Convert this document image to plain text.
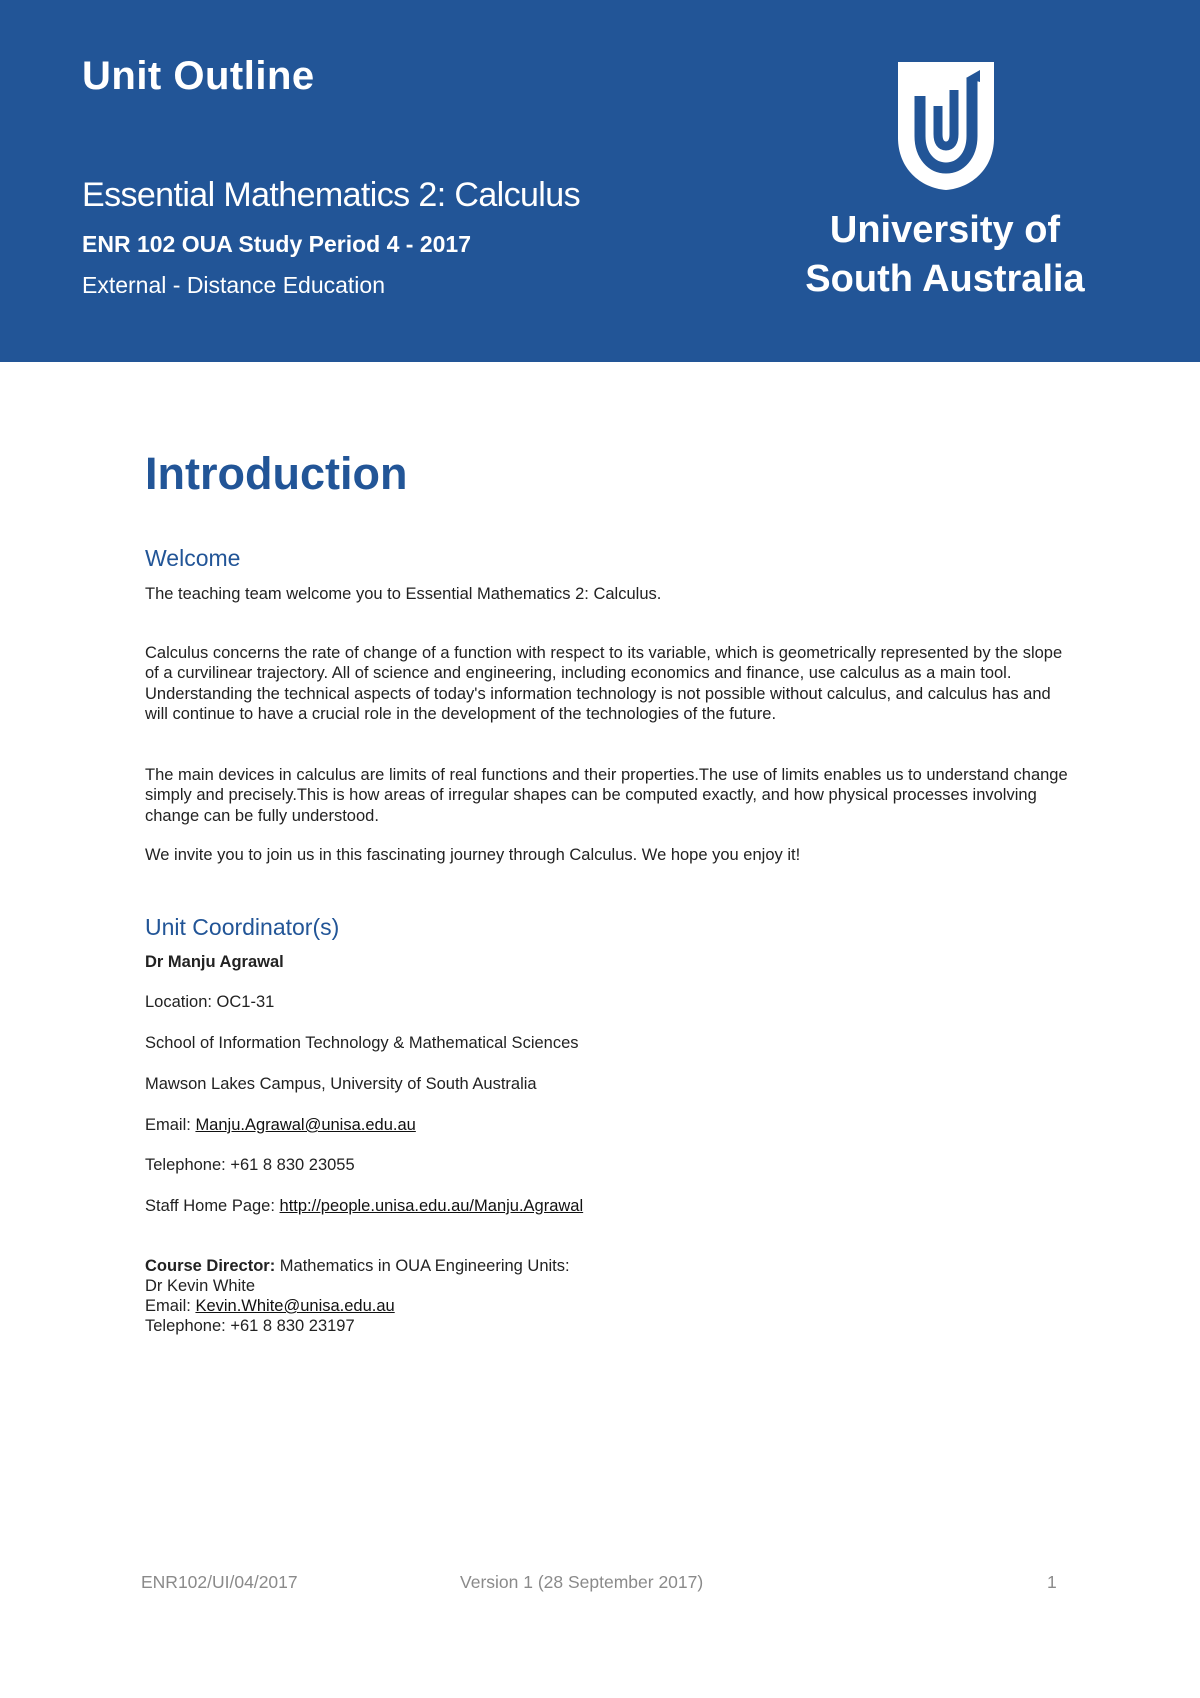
Unit Outline
Essential Mathematics 2: Calculus
ENR 102 OUA Study Period 4 - 2017
External - Distance Education
University of
South Australia
Introduction
Welcome

The teaching team welcome you to Essential Mathematics 2: Calculus.

Calculus concerns the rate of change of a function with respect to its variable, which is geometrically represented by the slope of a curvilinear trajectory. All of science and engineering, including economics and finance, use calculus as a main tool. Understanding the technical aspects of today's information technology is not possible without calculus, and calculus has and will continue to have a crucial role in the development of the technologies of the future.

The main devices in calculus are limits of real functions and their properties.The use of limits enables us to understand change simply and precisely.This is how areas of irregular shapes can be computed exactly, and how physical processes involving change can be fully understood.

We invite you to join us in this fascinating journey through Calculus. We hope you enjoy it!

Unit Coordinator(s)
Dr Manju Agrawal
Location: OC1-31
School of Information Technology & Mathematical Sciences
Mawson Lakes Campus, University of South Australia
Email: Manju.Agrawal@unisa.edu.au
Telephone: +61 8 830 23055
Staff Home Page: http://people.unisa.edu.au/Manju.Agrawal
Course Director: Mathematics in OUA Engineering Units:
Dr Kevin White
Email: Kevin.White@unisa.edu.au
Telephone: +61 8 830 23197
ENR102/UI/04/2017	Version 1 (28 September 2017)	1
